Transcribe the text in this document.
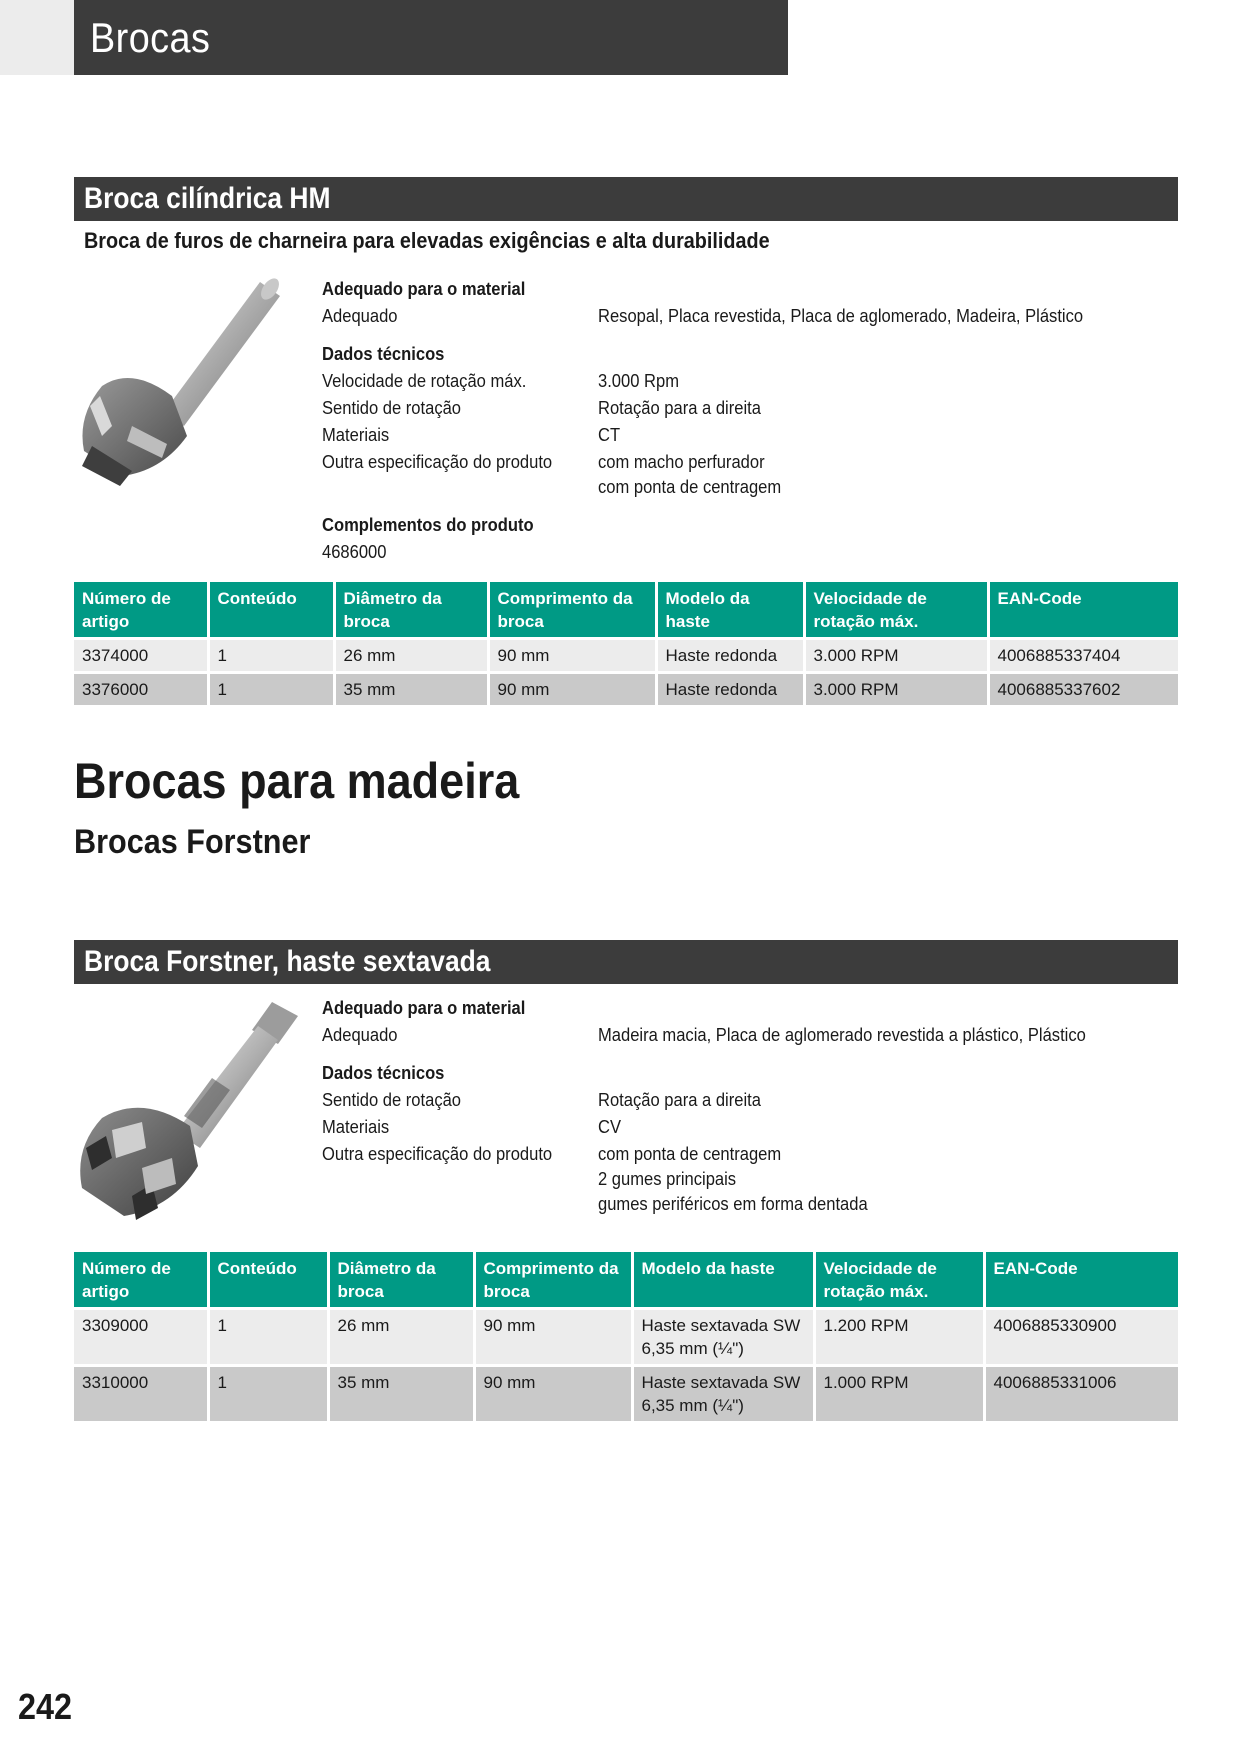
Brocas
Broca cilíndrica HM
Broca de furos de charneira para elevadas exigências e alta durabilidade
Adequado para o material
Adequado	Resopal, Placa revestida, Placa de aglomerado, Madeira, Plástico
Dados técnicos
Velocidade de rotação máx.	3.000 Rpm
Sentido de rotação	Rotação para a direita
Materiais	CT
Outra especificação do produto	com macho perfurador
com ponta de centragem
Complementos do produto
4686000
Número de artigo	Conteúdo	Diâmetro da broca	Comprimento da broca	Modelo da haste	Velocidade de rotação máx.	EAN-Code
3374000	1	26 mm	90 mm	Haste redonda	3.000 RPM	4006885337404
3376000	1	35 mm	90 mm	Haste redonda	3.000 RPM	4006885337602
Brocas para madeira
Brocas Forstner
Broca Forstner, haste sextavada
Adequado para o material
Adequado	Madeira macia, Placa de aglomerado revestida a plástico, Plástico
Dados técnicos
Sentido de rotação	Rotação para a direita
Materiais	CV
Outra especificação do produto	com ponta de centragem
2 gumes principais
gumes periféricos em forma dentada
Número de artigo	Conteúdo	Diâmetro da broca	Comprimento da broca	Modelo da haste	Velocidade de rotação máx.	EAN-Code
3309000	1	26 mm	90 mm	Haste sextavada SW 6,35 mm (¼")	1.200 RPM	4006885330900
3310000	1	35 mm	90 mm	Haste sextavada SW 6,35 mm (¼")	1.000 RPM	4006885331006
242
